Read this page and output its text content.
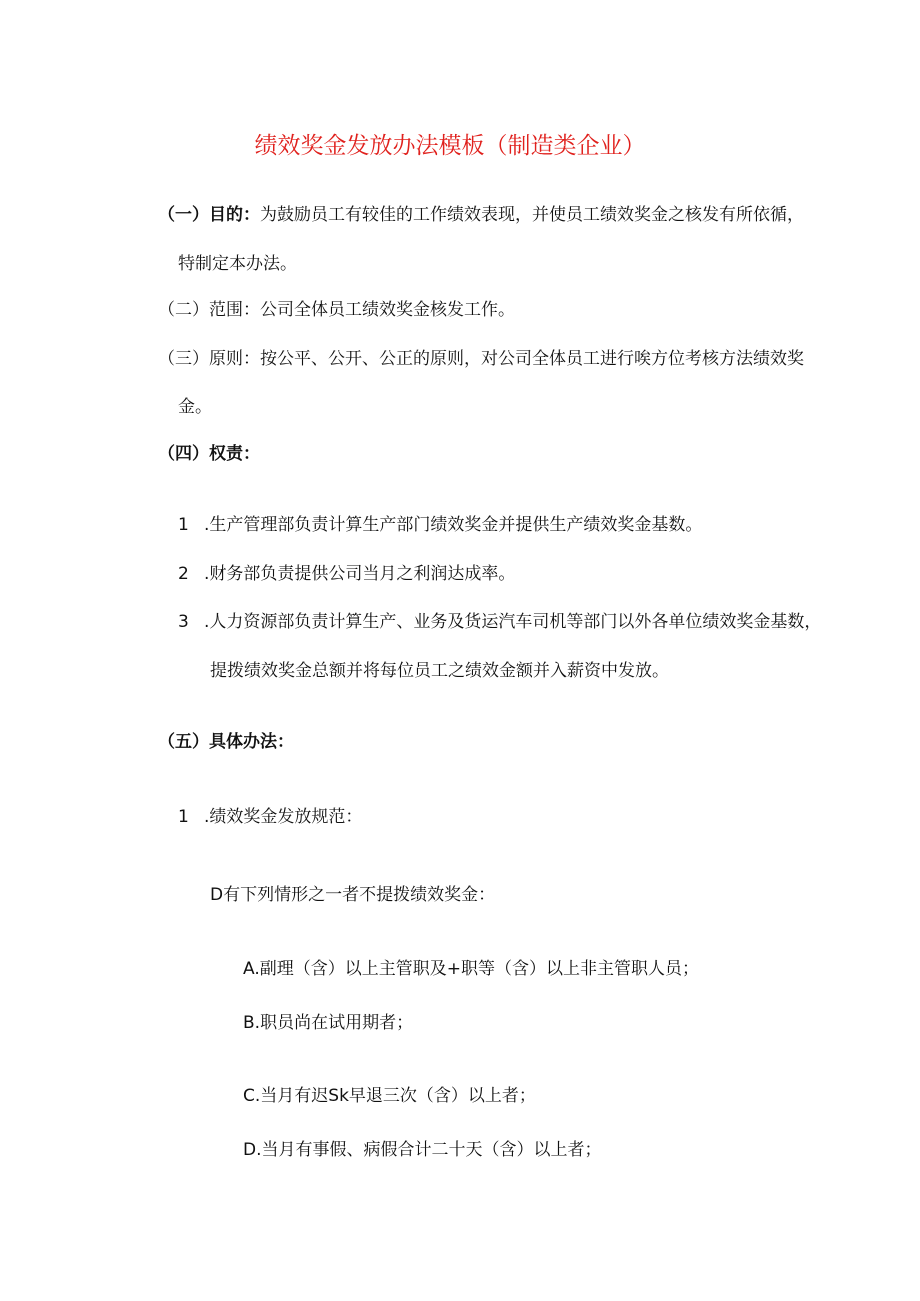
绩效奖金发放办法模板（制造类企业）

（一）目的：为鼓励员工有较佳的工作绩效表现，并使员工绩效奖金之核发有所依循，

特制定本办法。

（二）范围：公司全体员工绩效奖金核发工作。

（三）原则：按公平、公开、公正的原则，对公司全体员工进行唉方位考核方法绩效奖

金。

（四）权责：

1 .生产管理部负责计算生产部门绩效奖金并提供生产绩效奖金基数。

2 .财务部负责提供公司当月之利润达成率。

3 .人力资源部负责计算生产、业务及货运汽车司机等部门以外各单位绩效奖金基数，

提拨绩效奖金总额并将每位员工之绩效金额并入薪资中发放。

（五）具体办法：

1 .绩效奖金发放规范：

D有下列情形之一者不提拨绩效奖金：

A.副理（含）以上主管职及+职等（含）以上非主管职人员；

B.职员尚在试用期者；

C.当月有迟Sk早退三次（含）以上者；

D.当月有事假、病假合计二十天（含）以上者；
